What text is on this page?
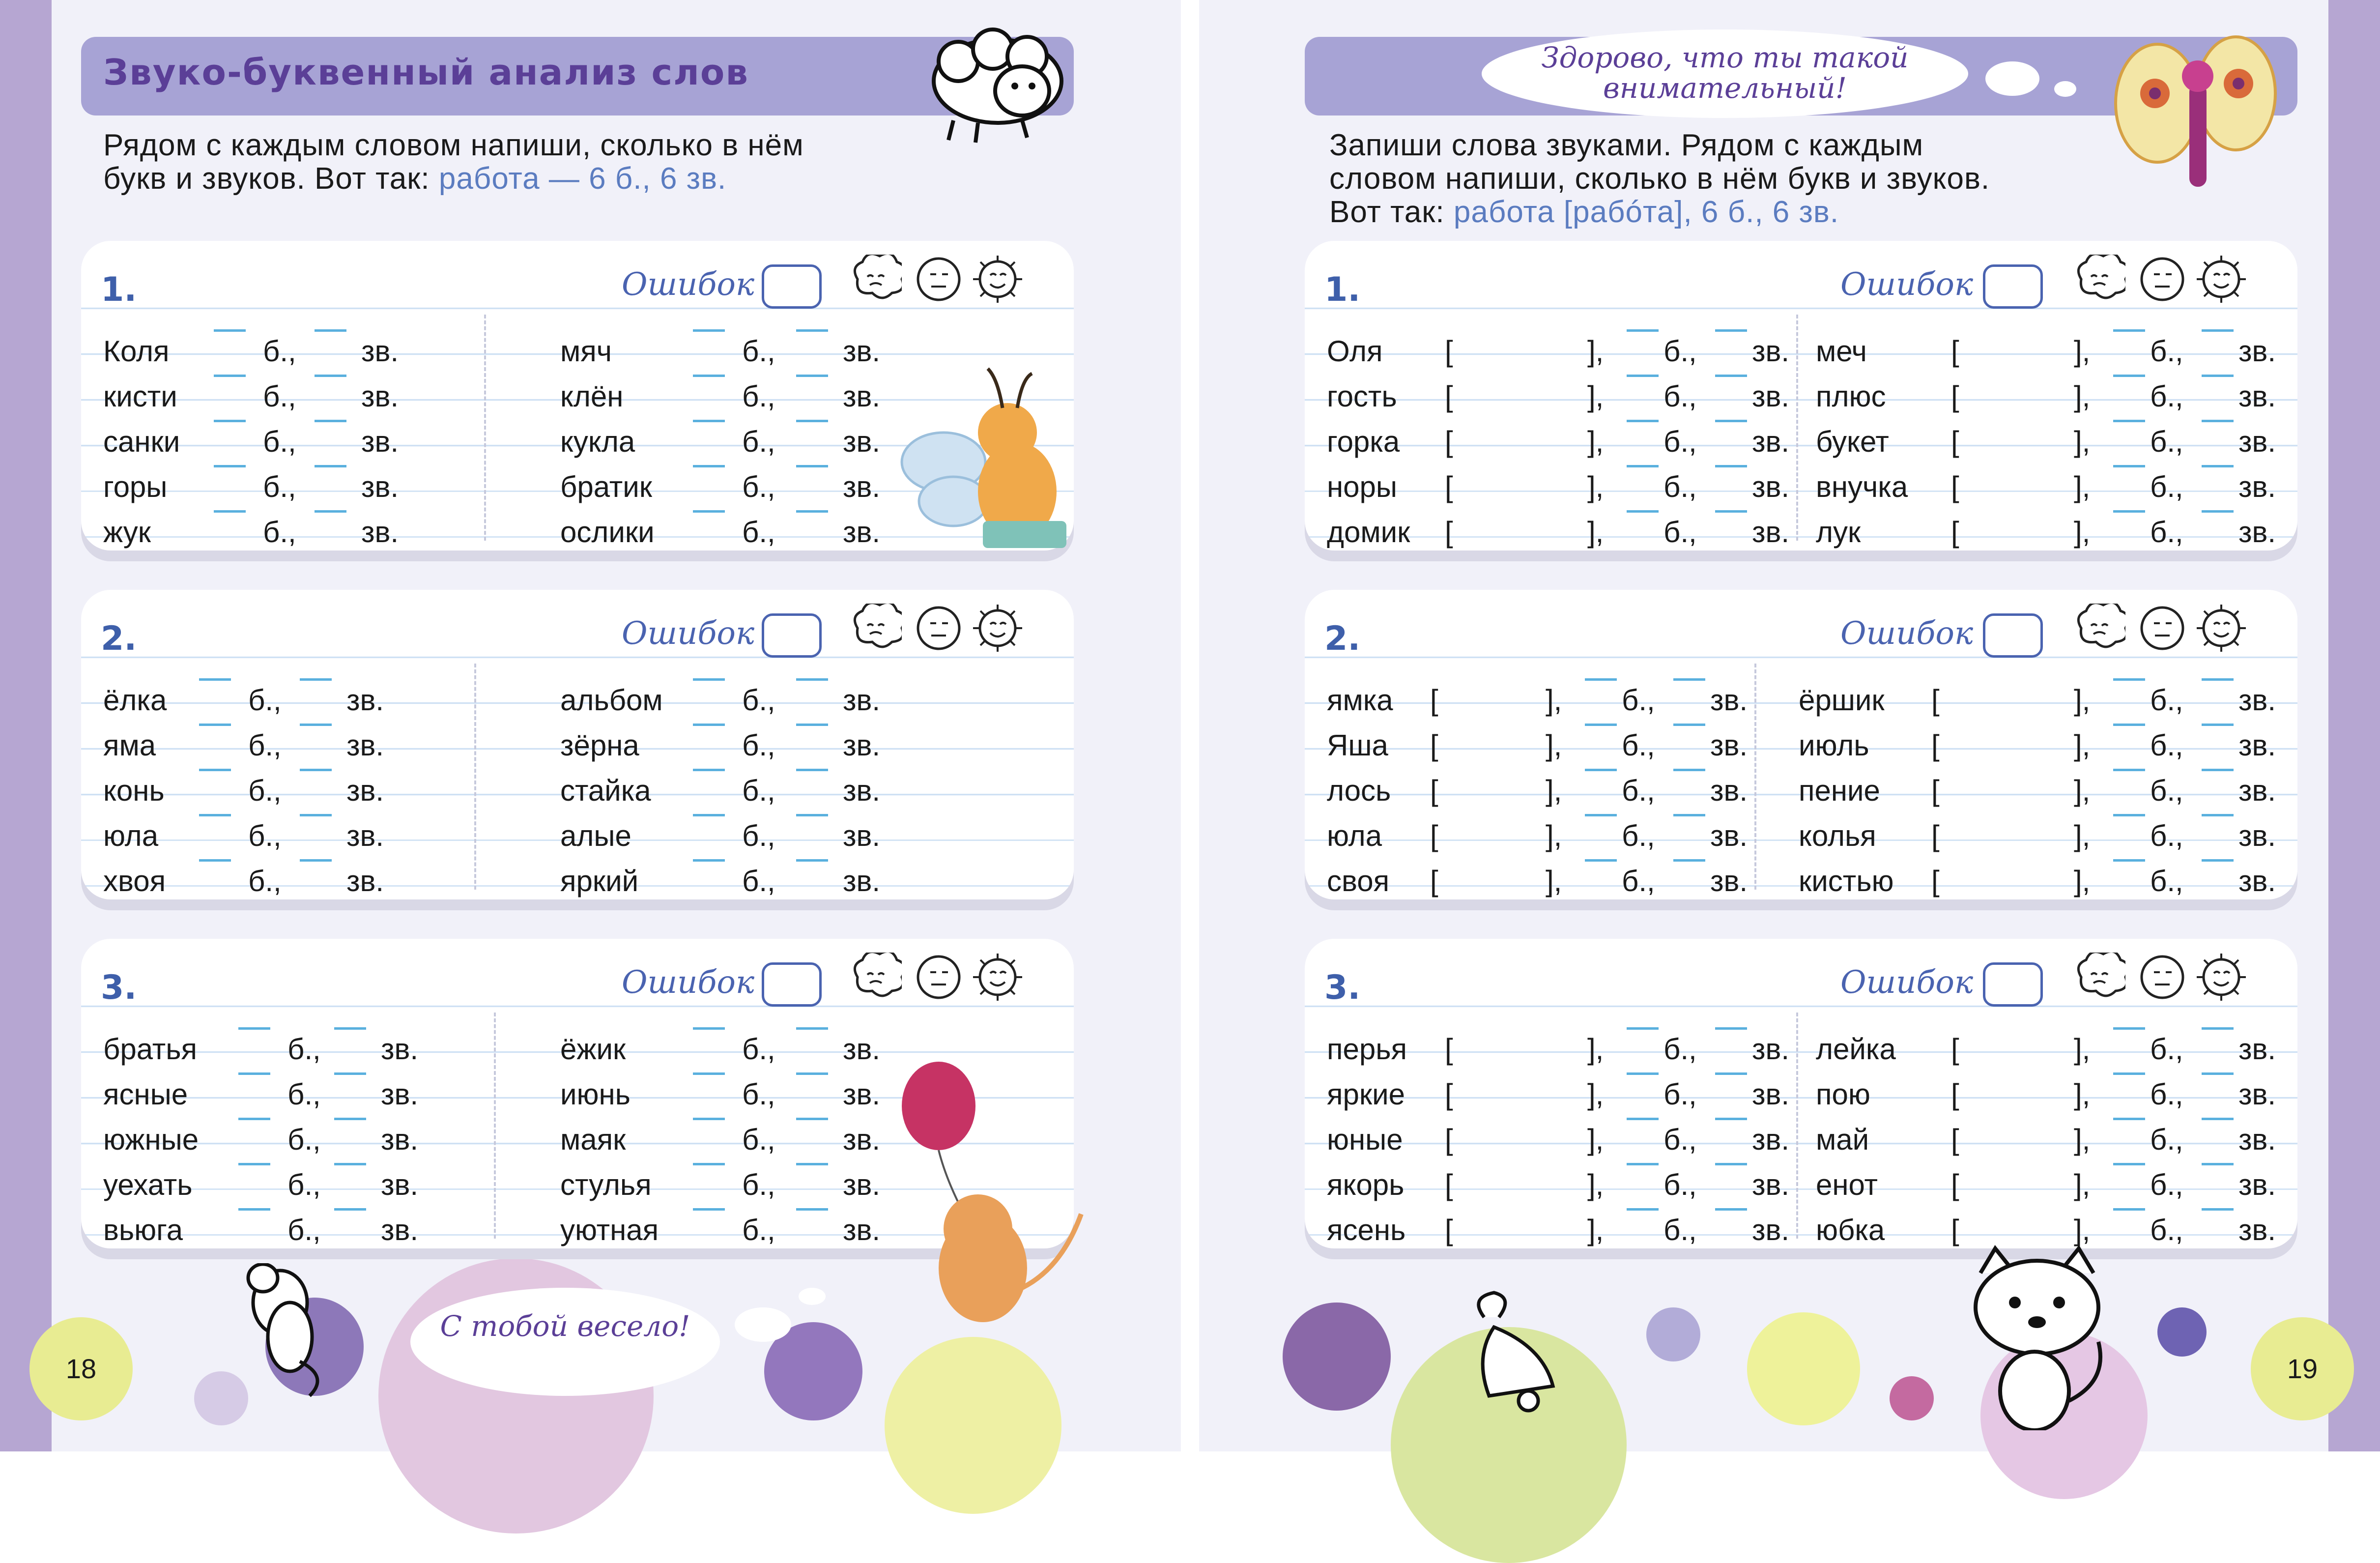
18	19
Звуко-буквенный анализ слов
Рядом с каждым словом напиши, сколько в нём
букв и звуков. Вот так: работа — 6 б., 6 зв.
Здорово, что ты такой внимательный!
Запиши слова звуками. Рядом с каждым
словом напиши, сколько в нём букв и звуков.
Вот так: работа [рабóта], 6 б., 6 зв.
1.	Ошибок
Коля	б., зв.
кисти	б., зв.
санки	б., зв.
горы	б., зв.
жук	б., зв.
мяч	б., зв.
клён	б., зв.
кукла	б., зв.
братик	б., зв.
ослики	б., зв.
2.	Ошибок
ёлка	б., зв.
яма	б., зв.
конь	б., зв.
юла	б., зв.
хвоя	б., зв.
альбом	б., зв.
зёрна	б., зв.
стайка	б., зв.
алые	б., зв.
яркий	б., зв.
3.	Ошибок
братья	б., зв.
ясные	б., зв.
южные	б., зв.
уехать	б., зв.
вьюга	б., зв.
ёжик	б., зв.
июнь	б., зв.
маяк	б., зв.
стулья	б., зв.
уютная	б., зв.
1.	Ошибок
Оля [	], б., зв.
гость [	], б., зв.
горка [	], б., зв.
норы [	], б., зв.
домик [	], б., зв.
меч	[	], б., зв.
плюс [	], б., зв.
букет [	], б., зв.
внучка [	], б., зв.
лук	[	], б., зв.
2.	Ошибок
ямка [	], б., зв.
Яша [	], б., зв.
лось [	], б., зв.
юла [	], б., зв.
своя [	], б., зв.
ёршик [	], б., зв.
июль [	], б., зв.
пение [	], б., зв.
колья [	], б., зв.
кистью [	], б., зв.
3.	Ошибок
перья [	], б., зв.
яркие [	], б., зв.
юные [	], б., зв.
якорь [	], б., зв.
ясень [	], б., зв.
лейка [	], б., зв.
пою	[	], б., зв.
май	[	], б., зв.
енот [	], б., зв.
юбка [	], б., зв.
С тобой весело!
